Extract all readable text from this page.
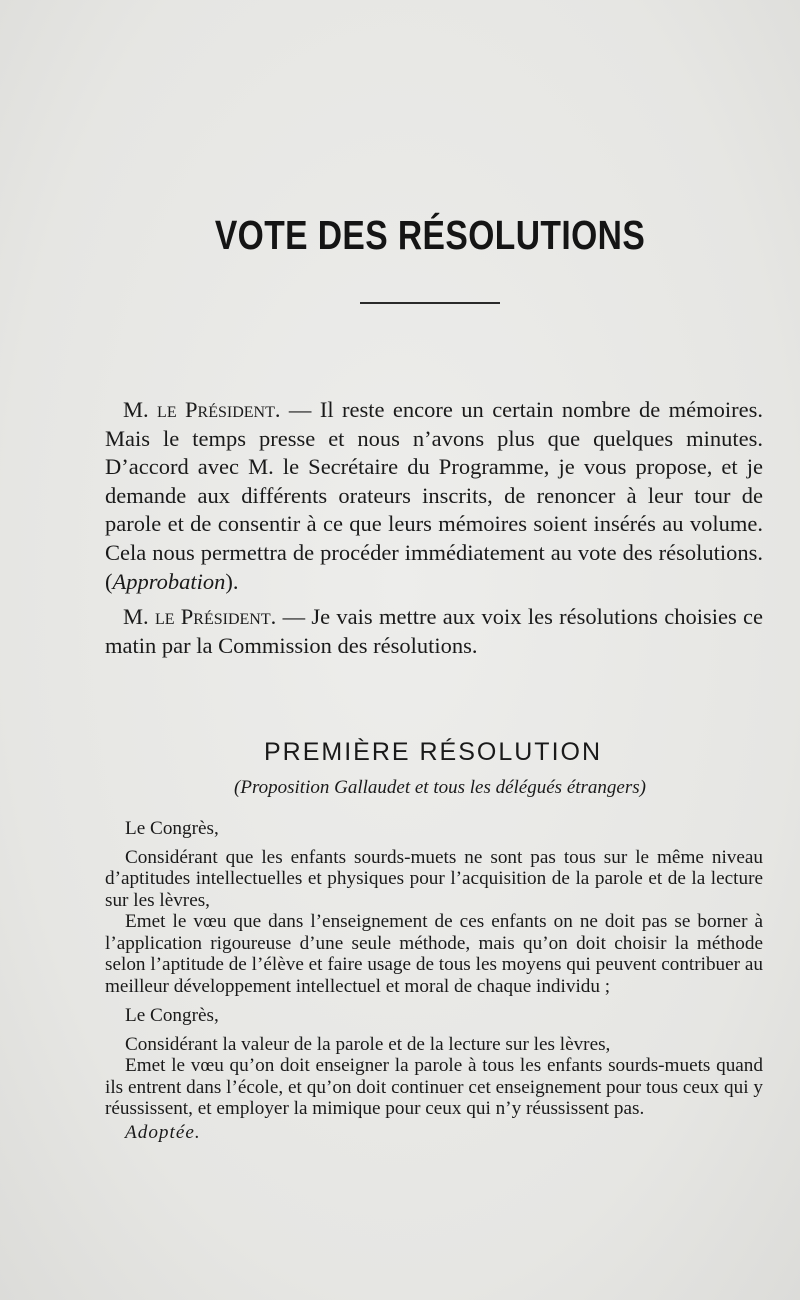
VOTE DES RÉSOLUTIONS

M. le Président. — Il reste encore un certain nombre de mémoires. Mais le temps presse et nous n’avons plus que quelques minutes. D’accord avec M. le Secrétaire du Programme, je vous propose, et je demande aux différents orateurs inscrits, de renoncer à leur tour de parole et de consentir à ce que leurs mémoires soient insérés au volume. Cela nous permettra de procéder immédiatement au vote des résolutions. (Approbation).

M. le Président. — Je vais mettre aux voix les résolutions choisies ce matin par la Commission des résolutions.

PREMIÈRE RÉSOLUTION
(Proposition Gallaudet et tous les délégués étrangers)

Le Congrès,

Considérant que les enfants sourds-muets ne sont pas tous sur le même niveau d’aptitudes intellectuelles et physiques pour l’acquisition de la parole et de la lecture sur les lèvres,

Emet le vœu que dans l’enseignement de ces enfants on ne doit pas se borner à l’application rigoureuse d’une seule méthode, mais qu’on doit choisir la méthode selon l’aptitude de l’élève et faire usage de tous les moyens qui peuvent contribuer au meilleur développement intellectuel et moral de chaque individu ;

Le Congrès,

Considérant la valeur de la parole et de la lecture sur les lèvres,

Emet le vœu qu’on doit enseigner la parole à tous les enfants sourds-muets quand ils entrent dans l’école, et qu’on doit continuer cet enseignement pour tous ceux qui y réussissent, et employer la mimique pour ceux qui n’y réussissent pas.

Adoptée.
